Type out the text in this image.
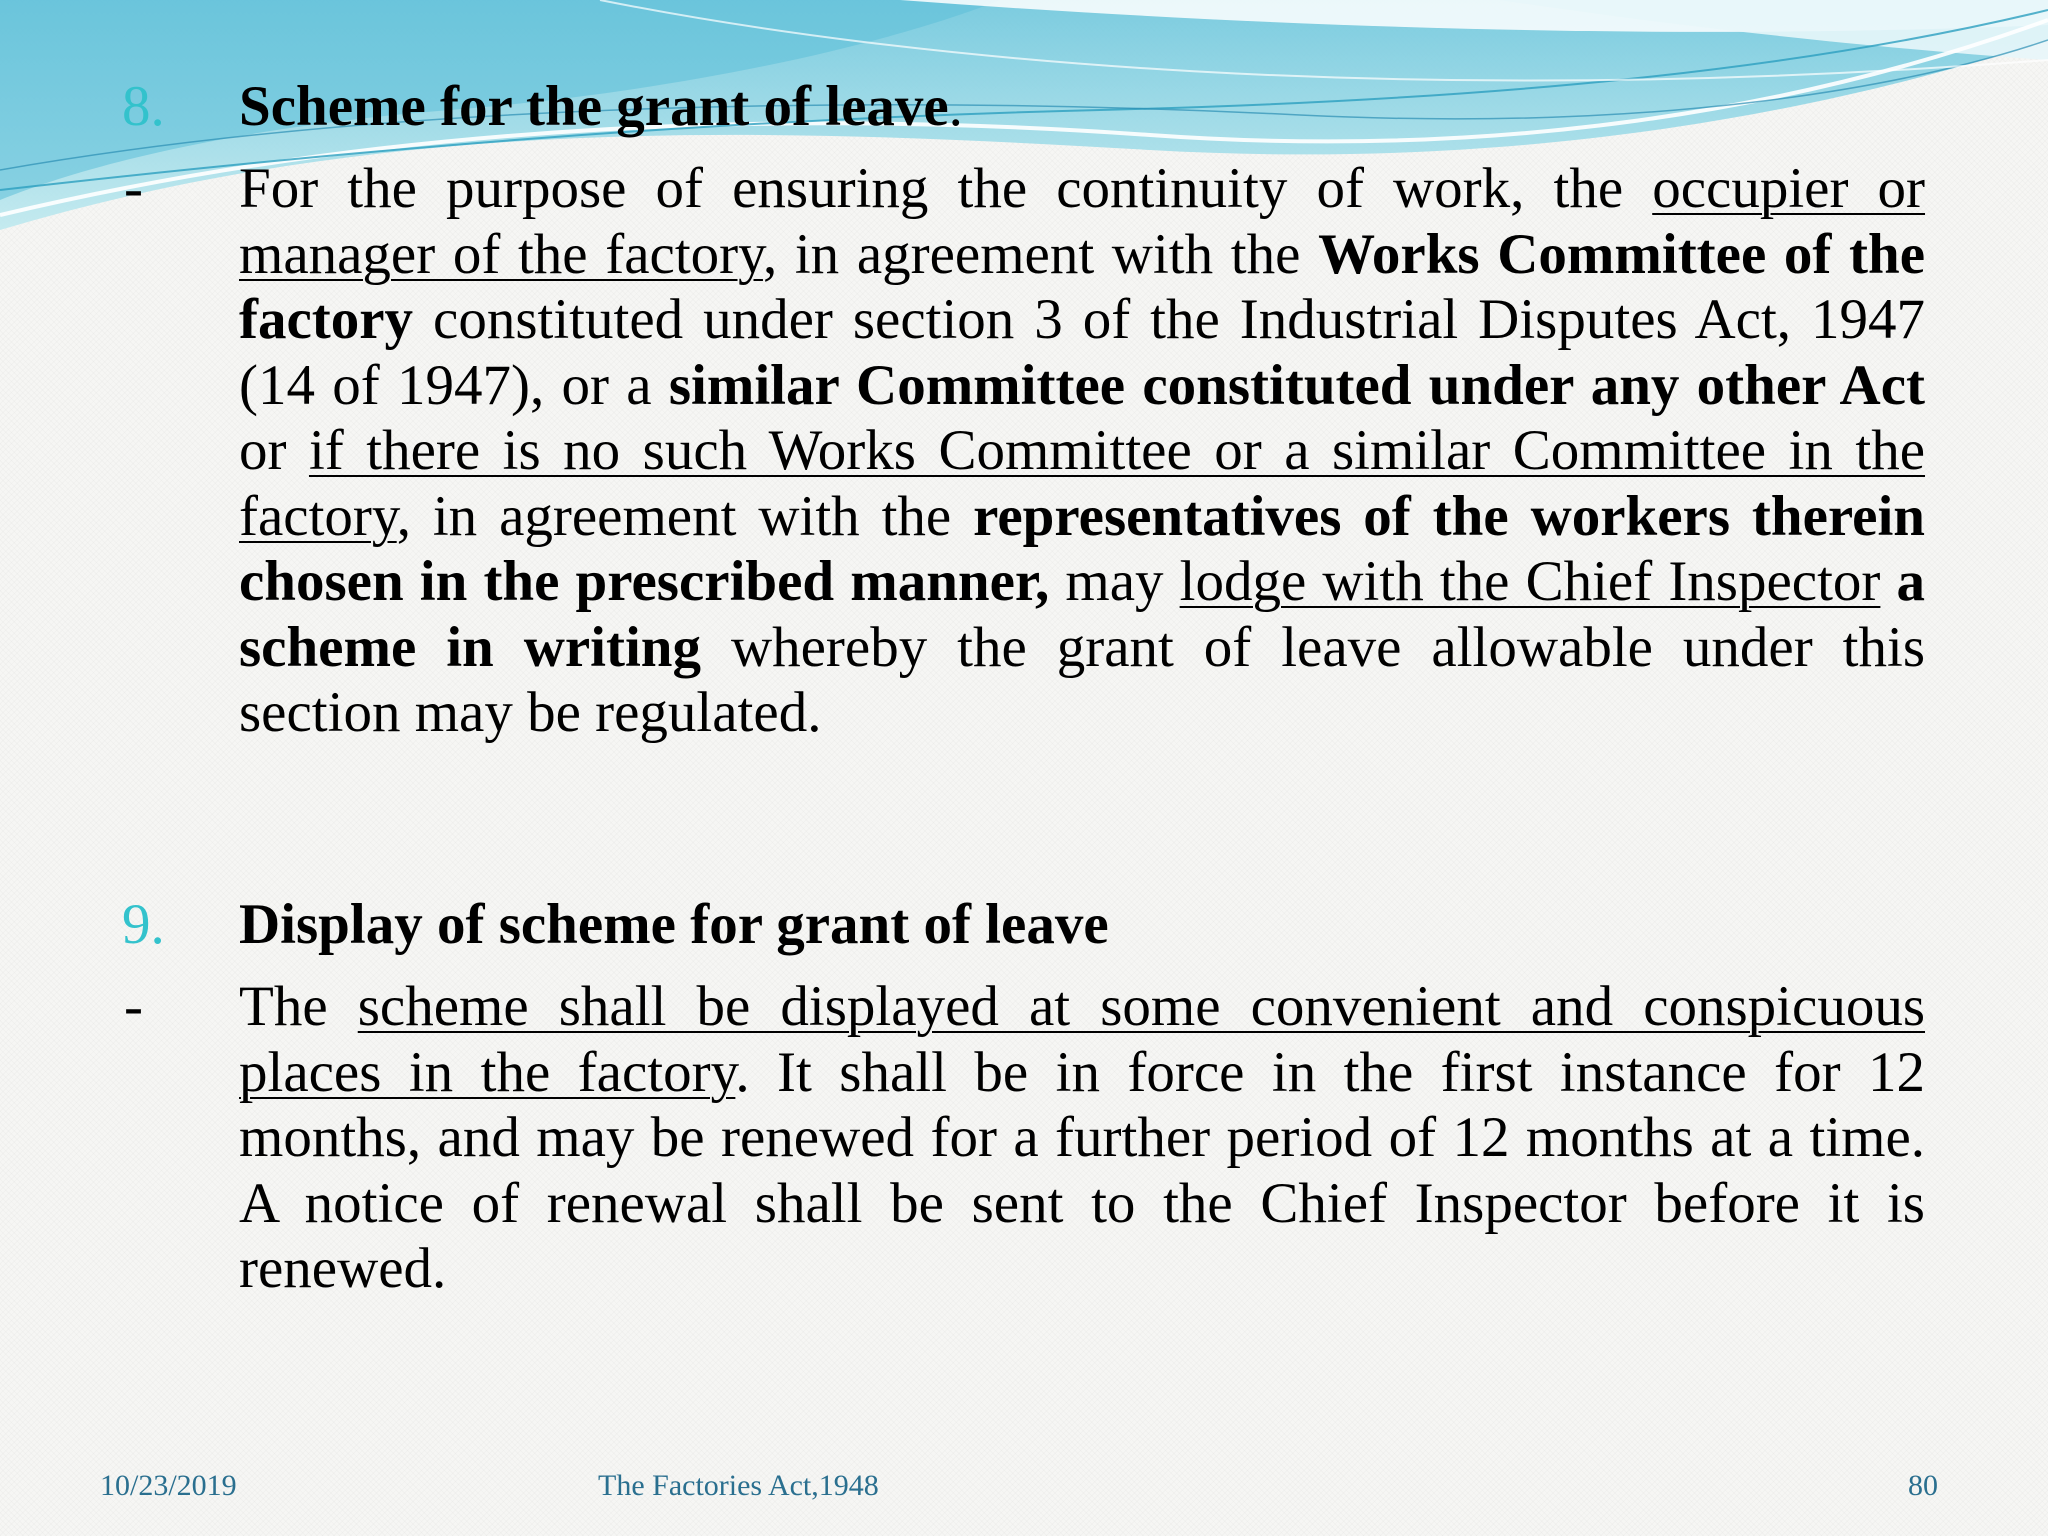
8. Scheme for the grant of leave.
- For the purpose of ensuring the continuity of work, the occupier or manager of the factory, in agreement with the Works Committee of the factory constituted under section 3 of the Industrial Disputes Act, 1947 (14 of 1947), or a similar Committee constituted under any other Act or if there is no such Works Committee or a similar Committee in the factory, in agreement with the representatives of the workers therein chosen in the prescribed manner, may lodge with the Chief Inspector a scheme in writing whereby the grant of leave allowable under this section may be regulated.
9. Display of scheme for grant of leave
- The scheme shall be displayed at some convenient and conspicuous places in the factory. It shall be in force in the first instance for 12 months, and may be renewed for a further period of 12 months at a time. A notice of renewal shall be sent to the Chief Inspector before it is renewed.
10/23/2019	The Factories Act,1948	80
